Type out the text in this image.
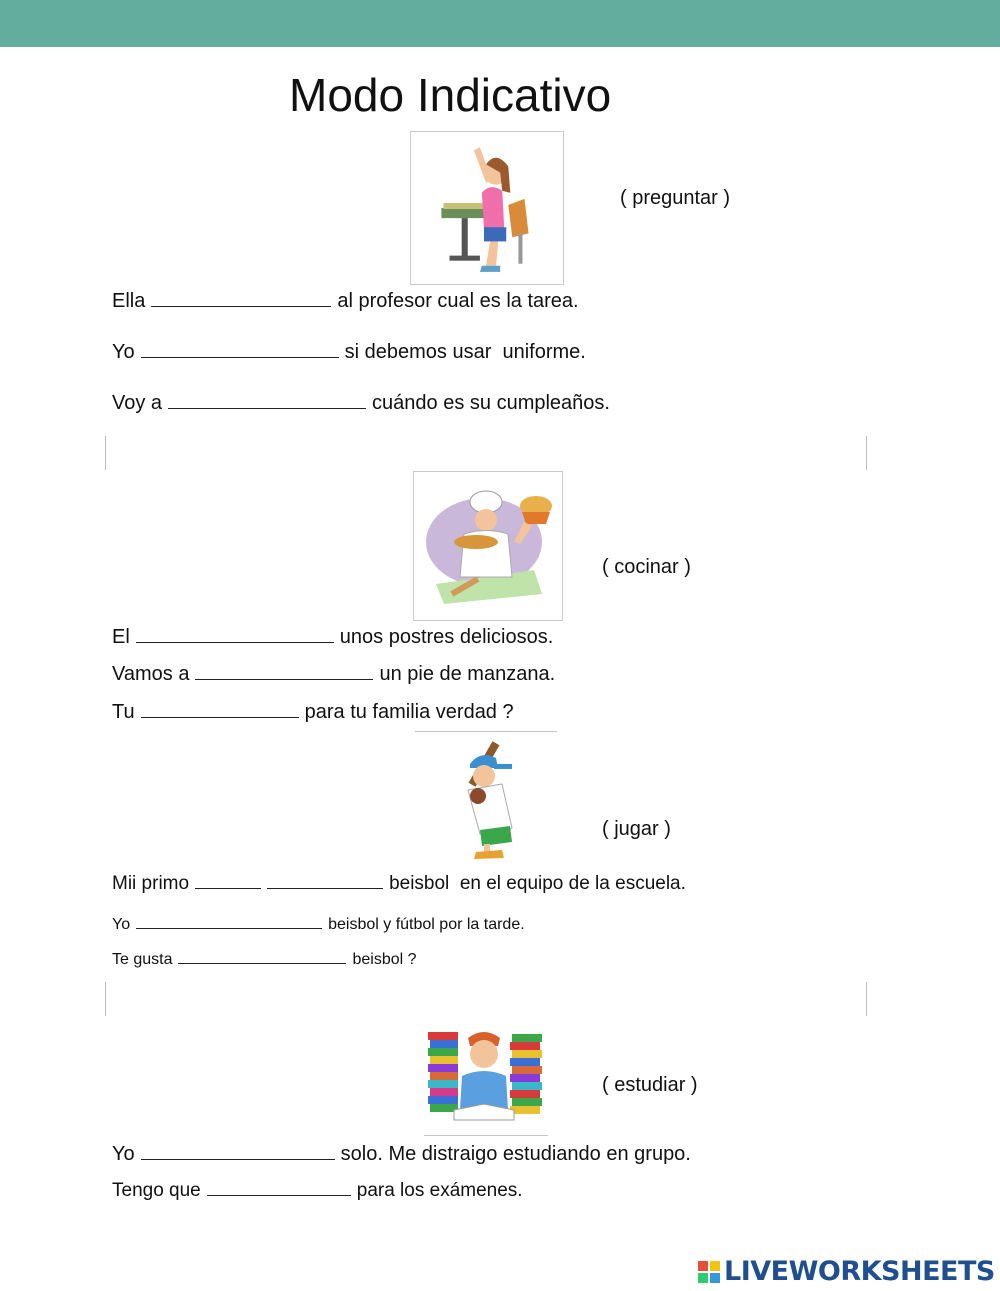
Modo Indicativo
( preguntar )
Ella	al profesor cual es la tarea.
Yo	si debemos usar  uniforme.
Voy a	cuándo es su cumpleaños.
( cocinar )
El	unos postres deliciosos.
Vamos a	un pie de manzana.
Tu	para tu familia verdad ?
( jugar )
Mii primo	beisbol  en el equipo de la escuela.
Yo	beisbol y fútbol por la tarde.
Te gusta	beisbol ?
( estudiar )
Yo	solo. Me distraigo estudiando en grupo.
Tengo que	para los exámenes.
LIVEWORKSHEETS
